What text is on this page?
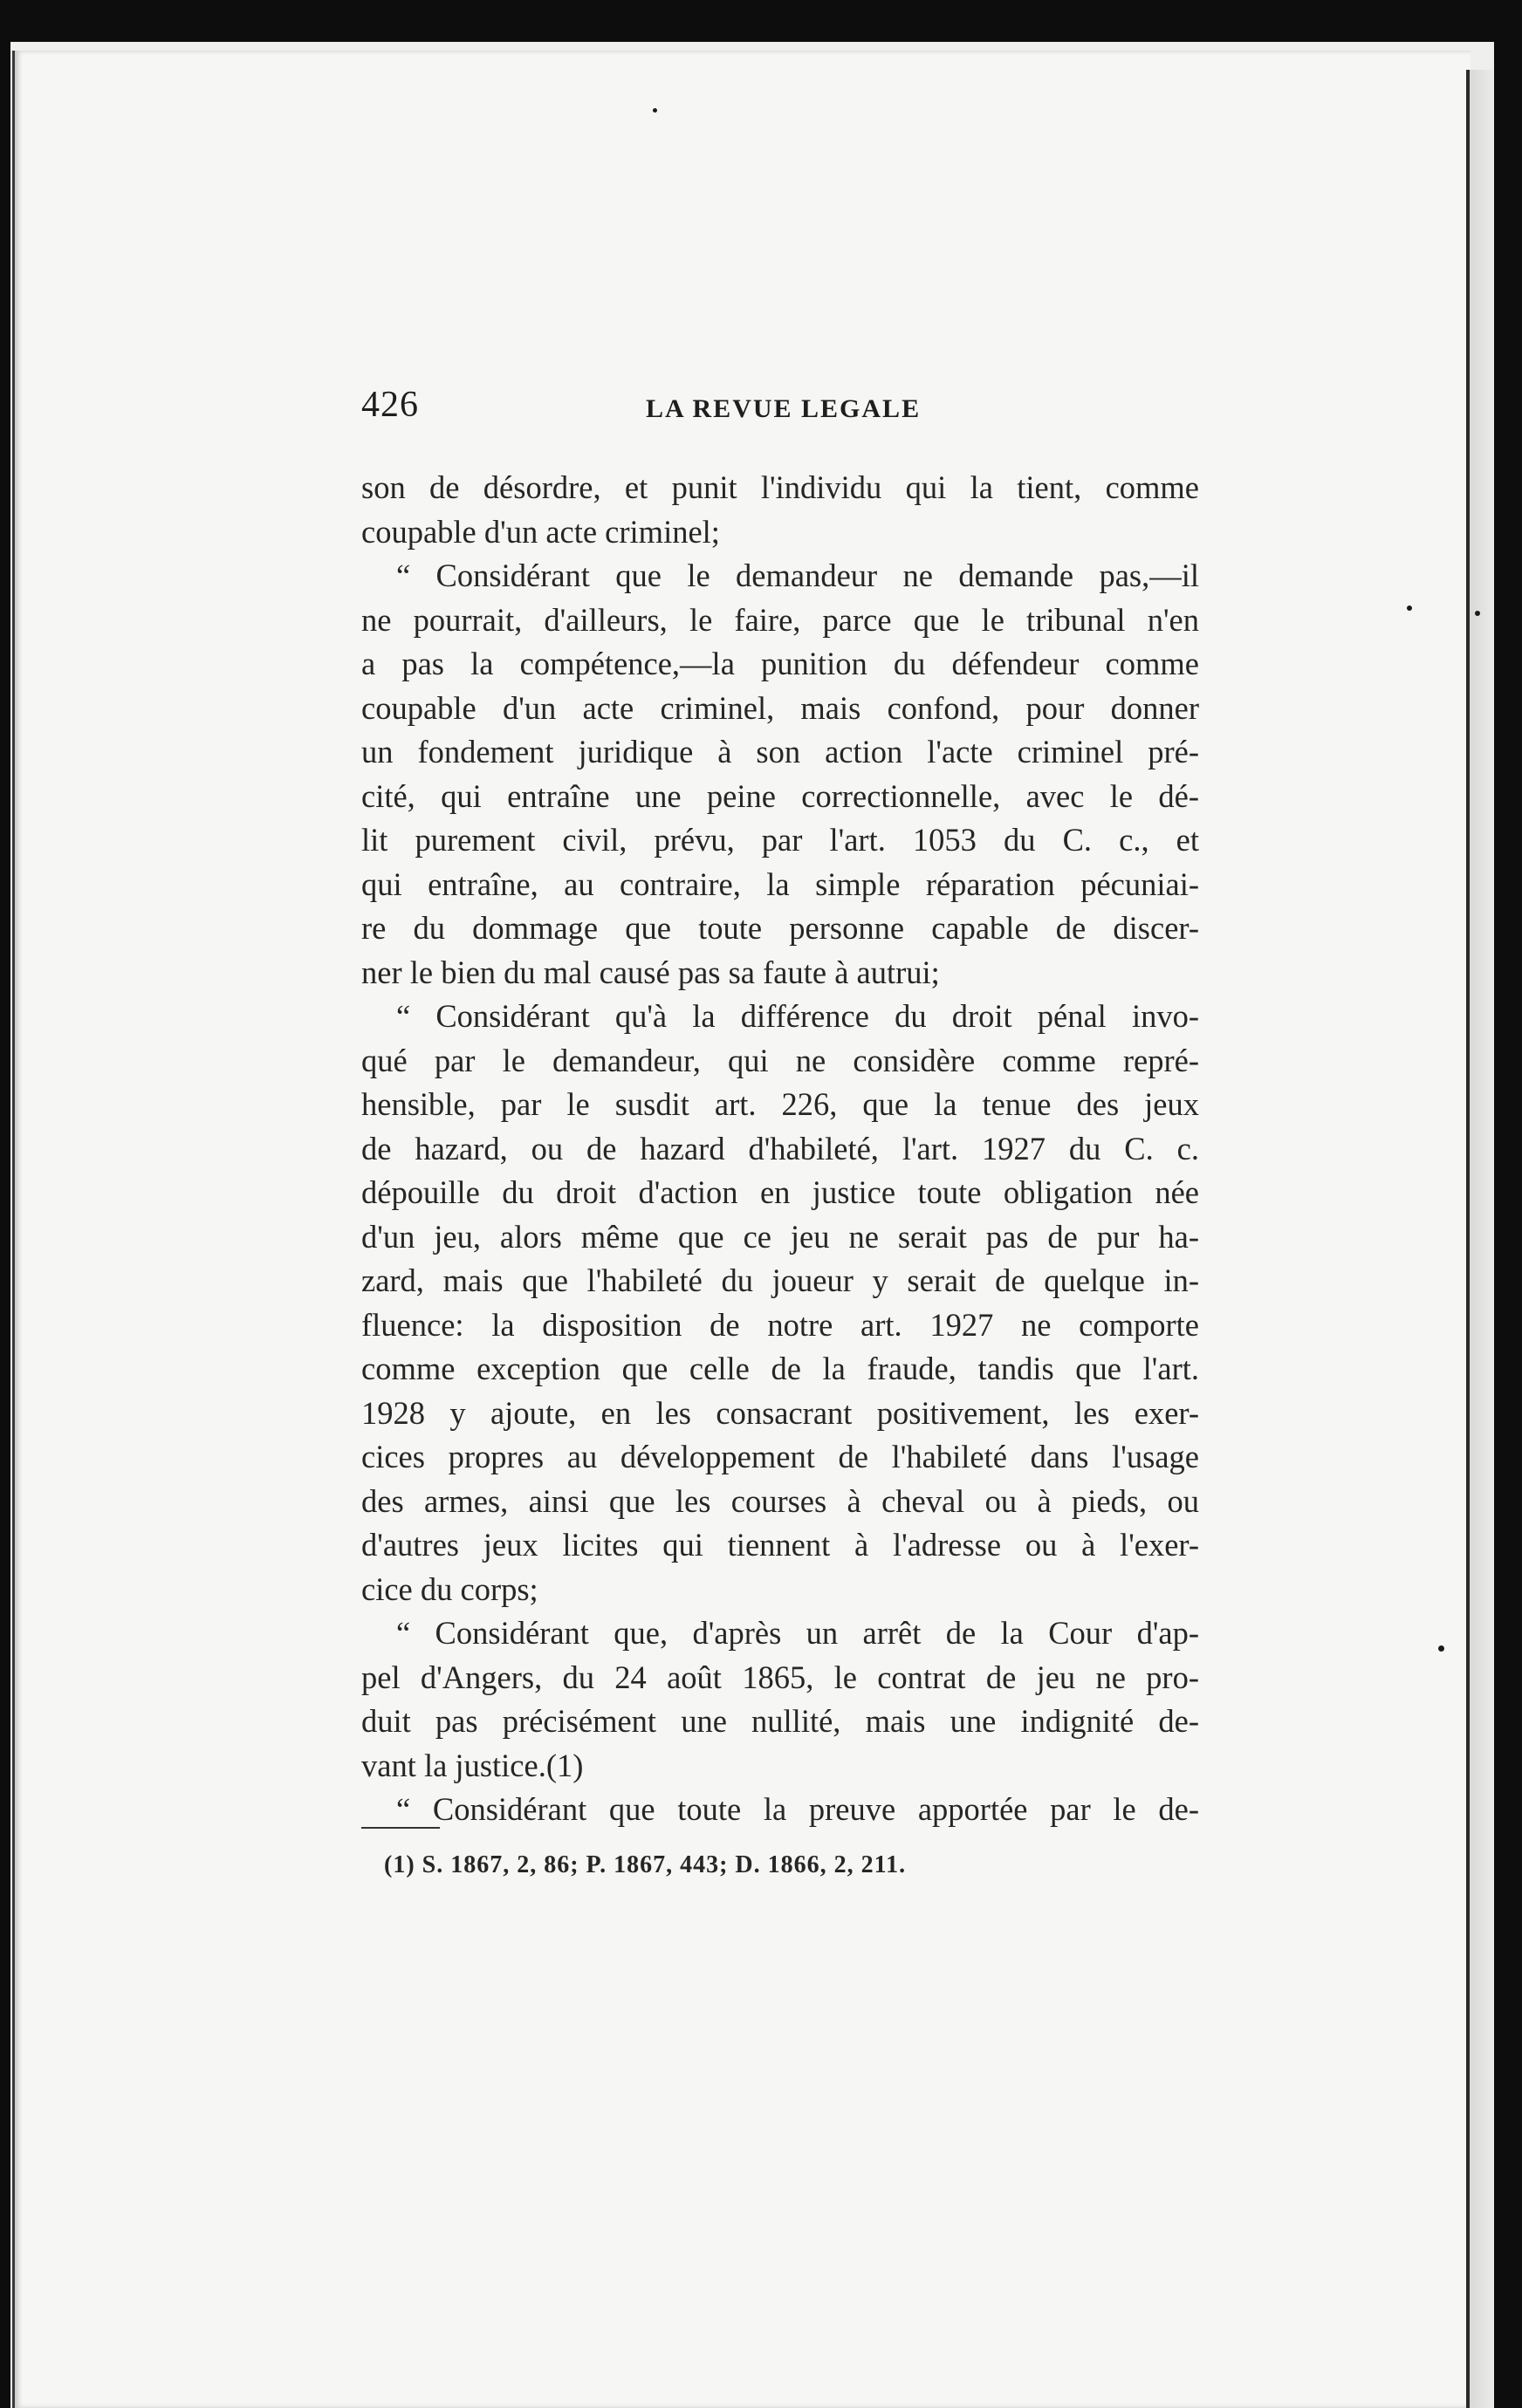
426	LA REVUE LEGALE
son de désordre, et punit l'individu qui la tient, comme
coupable d'un acte criminel;
“ Considérant que le demandeur ne demande pas,—il
ne pourrait, d'ailleurs, le faire, parce que le tribunal n'en
a pas la compétence,—la punition du défendeur comme
coupable d'un acte criminel, mais confond, pour donner
un fondement juridique à son action l'acte criminel pré-
cité, qui entraîne une peine correctionnelle, avec le dé-
lit purement civil, prévu, par l'art. 1053 du C. c., et
qui entraîne, au contraire, la simple réparation pécuniai-
re du dommage que toute personne capable de discer-
ner le bien du mal causé pas sa faute à autrui;
“ Considérant qu'à la différence du droit pénal invo-
qué par le demandeur, qui ne considère comme repré-
hensible, par le susdit art. 226, que la tenue des jeux
de hazard, ou de hazard d'habileté, l'art. 1927 du C. c.
dépouille du droit d'action en justice toute obligation née
d'un jeu, alors même que ce jeu ne serait pas de pur ha-
zard, mais que l'habileté du joueur y serait de quelque in-
fluence: la disposition de notre art. 1927 ne comporte
comme exception que celle de la fraude, tandis que l'art.
1928 y ajoute, en les consacrant positivement, les exer-
cices propres au développement de l'habileté dans l'usage
des armes, ainsi que les courses à cheval ou à pieds, ou
d'autres jeux licites qui tiennent à l'adresse ou à l'exer-
cice du corps;
“ Considérant que, d'après un arrêt de la Cour d'ap-
pel d'Angers, du 24 août 1865, le contrat de jeu ne pro-
duit pas précisément une nullité, mais une indignité de-
vant la justice.(1)
“ Considérant que toute la preuve apportée par le de-
(1) S. 1867, 2, 86; P. 1867, 443; D. 1866, 2, 211.
